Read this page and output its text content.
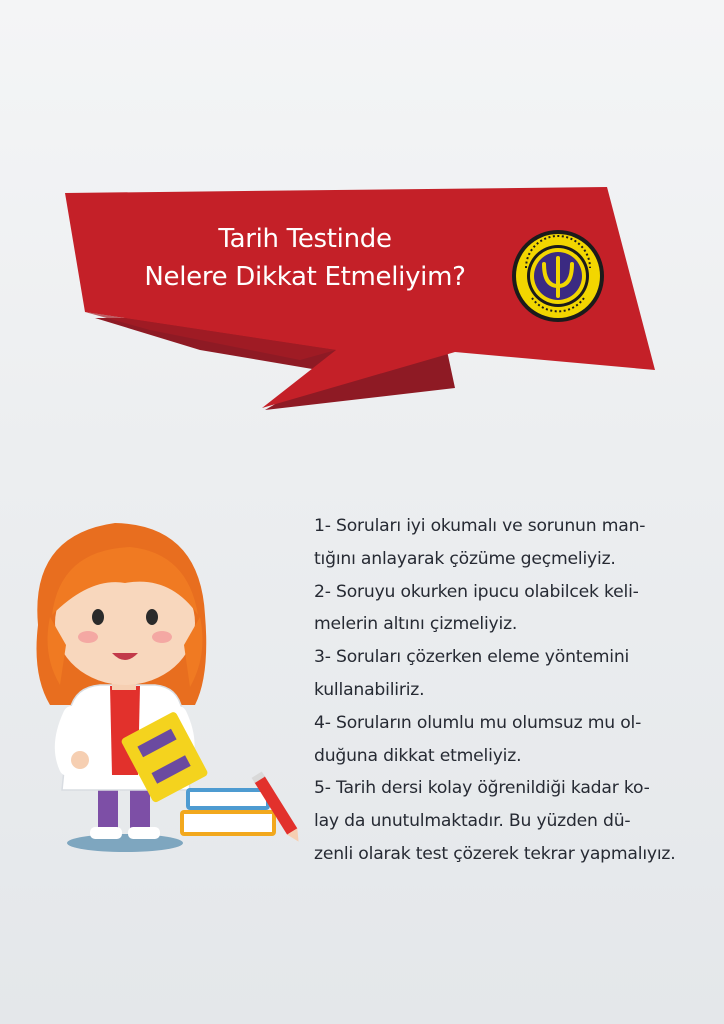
Tarih Testinde
Nelere Dikkat Etmeliyim?
1- Soruları iyi okumalı ve sorunun man-
tığını anlayarak çözüme geçmeliyiz.
2- Soruyu okurken ipucu olabilcek keli-
melerin altını çizmeliyiz.
3- Soruları çözerken eleme yöntemini
kullanabiliriz.
4- Soruların olumlu mu olumsuz mu ol-
duğuna dikkat etmeliyiz.
5- Tarih dersi kolay öğrenildiği kadar ko-
lay da unutulmaktadır. Bu yüzden dü-
zenli olarak test çözerek tekrar yapmalıyız.
